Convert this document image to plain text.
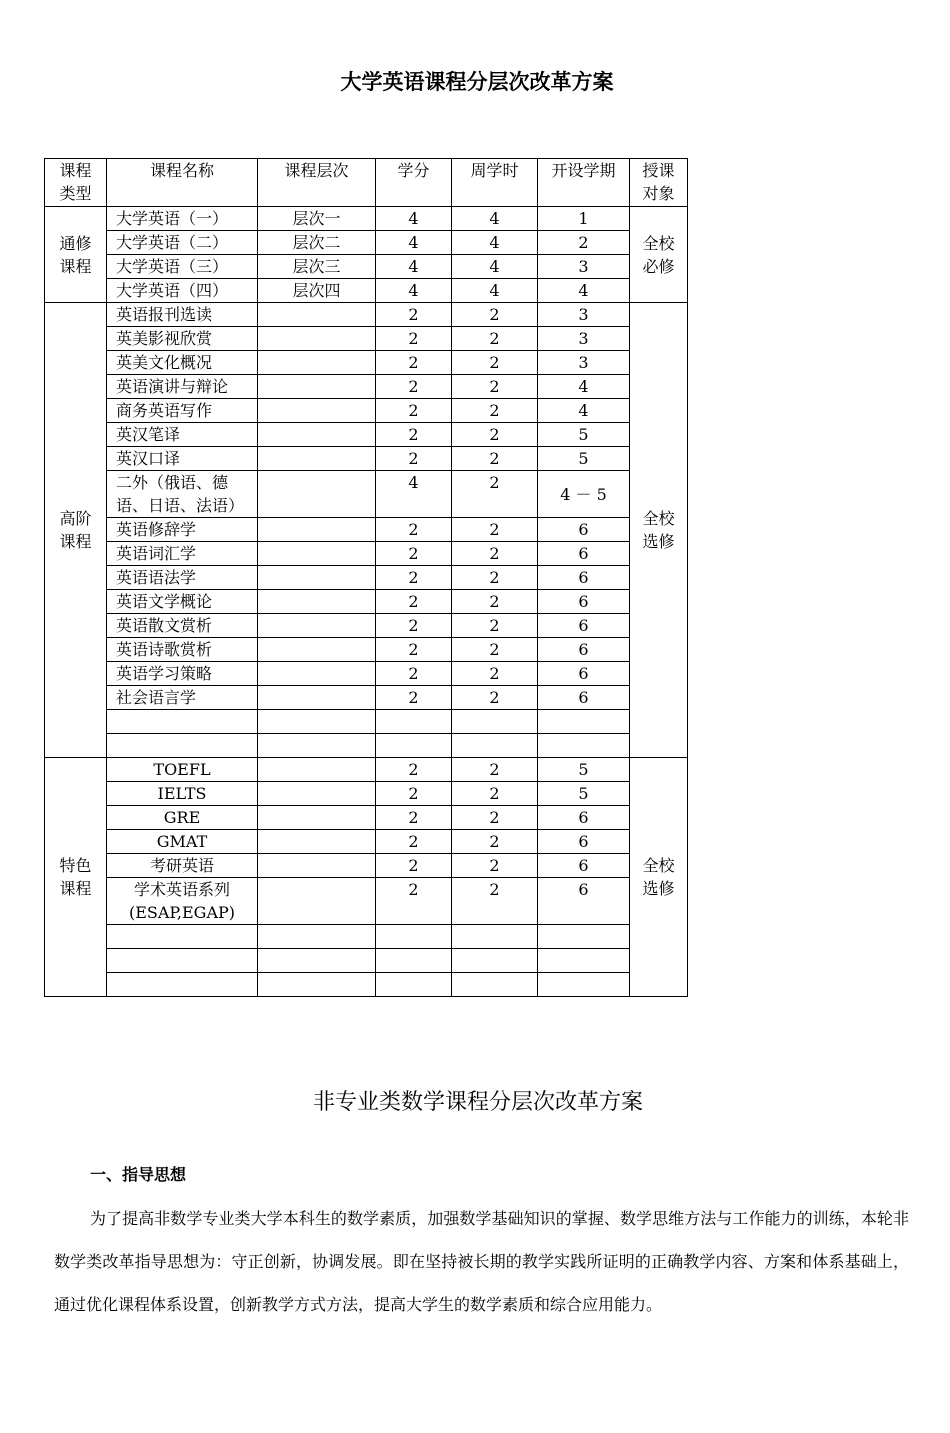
大学英语课程分层次改革方案
课程类型	课程名称	课程层次	学分	周学时	开设学期	授课对象
通修课程	大学英语（一）	层次一	4	4	1	全校必修
	大学英语（二）	层次二	4	4	2	
	大学英语（三）	层次三	4	4	3	
	大学英语（四）	层次四	4	4	4	
高阶课程	英语报刊选读		2	2	3	全校选修
	英美影视欣赏		2	2	3	
	英美文化概况		2	2	3	
	英语演讲与辩论		2	2	4	
	商务英语写作		2	2	4	
	英汉笔译		2	2	5	
	英汉口译		2	2	5	
	二外（俄语、德语、日语、法语）		4	2	4 － 5	
	英语修辞学		2	2	6	
	英语词汇学		2	2	6	
	英语语法学		2	2	6	
	英语文学概论		2	2	6	
	英语散文赏析		2	2	6	
	英语诗歌赏析		2	2	6	
	英语学习策略		2	2	6	
	社会语言学		2	2	6	

特色课程	TOEFL		2	2	5	全校选修
	IELTS		2	2	5	
	GRE		2	2	6	
	GMAT		2	2	6	
	考研英语		2	2	6	
	学术英语系列 (ESAP,EGAP)		2	2	6	

非专业类数学课程分层次改革方案
一、指导思想
为了提高非数学专业类大学本科生的数学素质，加强数学基础知识的掌握、数学思维方法与工作能力的训练，本轮非数学类改革指导思想为：守正创新，协调发展。即在坚持被长期的教学实践所证明的正确教学内容、方案和体系基础上，通过优化课程体系设置，创新教学方式方法，提高大学生的数学素质和综合应用能力。
